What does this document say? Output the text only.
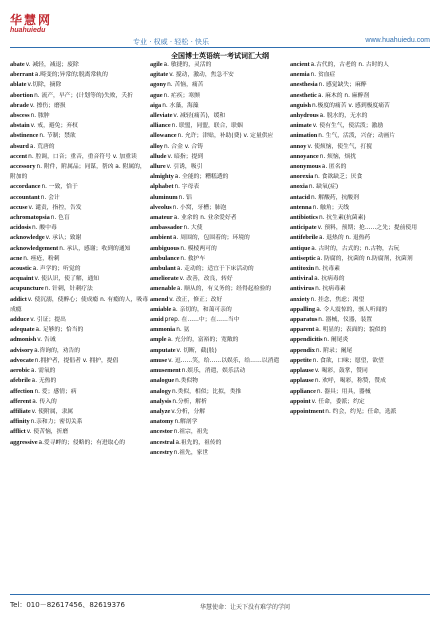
华慧网
huahuiedu
专业 · 权威 · 轻松 · 快乐	www.huahuiedu.com
全国博士英语统一考试词汇大纲
abatev. 减轻，减退；废除
aberranta.畸变的;异常的;脱离常轨的
ablatev.切除，摘除
abortionn. 流产，早产；(计划等的)失败，夭折
abradev. 擦伤；磨损
abscessn. 脓肿
abstainv. 戒，避免；弃权
abstinencen. 节制；禁欲
absurda. 荒唐的
accentn. 腔调，口音；重音，重音符号 v. 加重读
accessoryn. 附件，附属品；同谋，帮凶 a. 附属的，附加的
accordancen. 一致，恰于
accountantn. 会计
accusev. 谴责，指控，告发
achromatopsian. 色盲
acidosisn. 酸中毒
acknowledgev. 承认；致谢
acknowledgementn. 承认，感谢；收到的通知
acnen. 痤疮，粉刺
acoustica. 声学的；听觉的
acquaintv. 使认识，使了解，通知
acupuncturen. 针刺，针刺疗法
addictv. 使沉溺，使醉心；使成瘾 n. 有瘾的人，吸毒成瘾
adducev. 引证；提出
adequatea. 足够的；恰当的
admonishv. 告诫
advisorya.咨询的，劝告的
advocaten.拥护者，提倡者 v. 拥护，提倡
aerobica. 需氧的
afebrilea. 无热的
affectionn. 爱；感情；病
afferenta. 传入的
affiliatev. 使附属，隶属
affinityn.亲和力；密切关系
afflictv. 使苦恼，折磨
aggressivea.爱寻衅的；侵略的；有进取心的
agilea. 敏捷的，灵活的
agitatev. 搅动，激动，焦急不安
agonyn. 苦恼，痛苦
aguen. 疟疾；寒颤
aigan. 水藻，海藻
alleviatev. 减轻(痛苦)，缓和
alliancen. 联盟，同盟，联合，联姻
allowancen. 允许；津贴，补助(费) v. 定量供应
alloyn. 合金 v. 合铸
alludev. 暗指；提到
allurev. 引诱，吸引
almightya. 全能的；糟糕透的
alphabetn. 字母表
aluminumn. 铝
alveolusn. 小窝，牙槽；肺泡
amateura. 业余的 n. 业余爱好者
ambassadorn. 大使
ambienta. 周围的，包围着的；环境的
ambiguousn. 模棱两可的
ambulancen. 救护车
ambulanta. 走动的；适宜于下床活动的
amelioratev. 改善，改良，转好
amenablea. 顺从的，有义务的；经得起检验的
amendv. 改正，修正；改好
amiablea. 亲切的，和蔼可亲的
amidprep. 在……中；在……当中
ammonian. 氨
amplea. 充分的，富裕的；宽敞的
amputatev. 切断，截(肢)
amusev. 逗……笑，给……以娱乐，给……以消遣
amusementn.娱乐，消遣，娱乐活动
analoguen.类似物
analogyn.类似，相似；比拟，类推
analysisn.分析，解析
analyzev.分析，分解
anatomyn.解剖学
ancestorn.祖宗，祖先
ancestrala.祖先的，祖传的
ancestryn.祖先，家世
ancienta.古代的，古老的 n. 古时的人
anemian. 贫血症
anesthesian. 感觉缺失；麻醉
anesthetica. 麻木的 n. 麻醉剂
anguishn.极度的痛苦 v. 感到极度痛苦
anhydrousa. 脱水的，无水的
animatev. 使有生气，使活泼；激励
animationn. 生气，活泼，兴奋；动画片
annoyv. 使烦恼，使生气，打搅
annoyancen. 烦恼，烦扰
anonymousa. 匿名的
anorexian. 食欲缺乏；厌食
anoxian. 缺氧(症)
antacidn. 解酸药，抗酸剂
antennan. 触角；天线
antibioticsn. 抗生素(抗菌素)
anticipatev. 预料，预期；抢……之先；提前使用
antifebrilea. 退热的 n. 退热药
antiquea. 古时的，古式的；n.古物，古玩
antiseptica. 防腐的，抗菌的 n.防腐剂，抗菌剂
antitoxinn. 抗毒素
antivirala. 抗病毒的
antivirusn. 抗病毒素
anxietyn. 挂念，焦虑；渴望
appallinga. 令人震惊的，骇人听闻的
apparatusn. 器械，仪器，装置
apparenta. 明显的；表面的；貌似的
appendicitisn. 阑尾炎
appendixn. 附录；阑尾
appetiten. 食欲，口味；愿望，欲望
applausev. 喝彩，鼓掌，赞同
applausen. 欢呼，喝彩，称赞，赞成
appliancen. 器具；用具，器械
appointv. 任命，委派；约定
appointmentn. 约会，约见；任命，选派
Tel：010－82617456、82619376	华慧使命：让天下没有难学的学问
